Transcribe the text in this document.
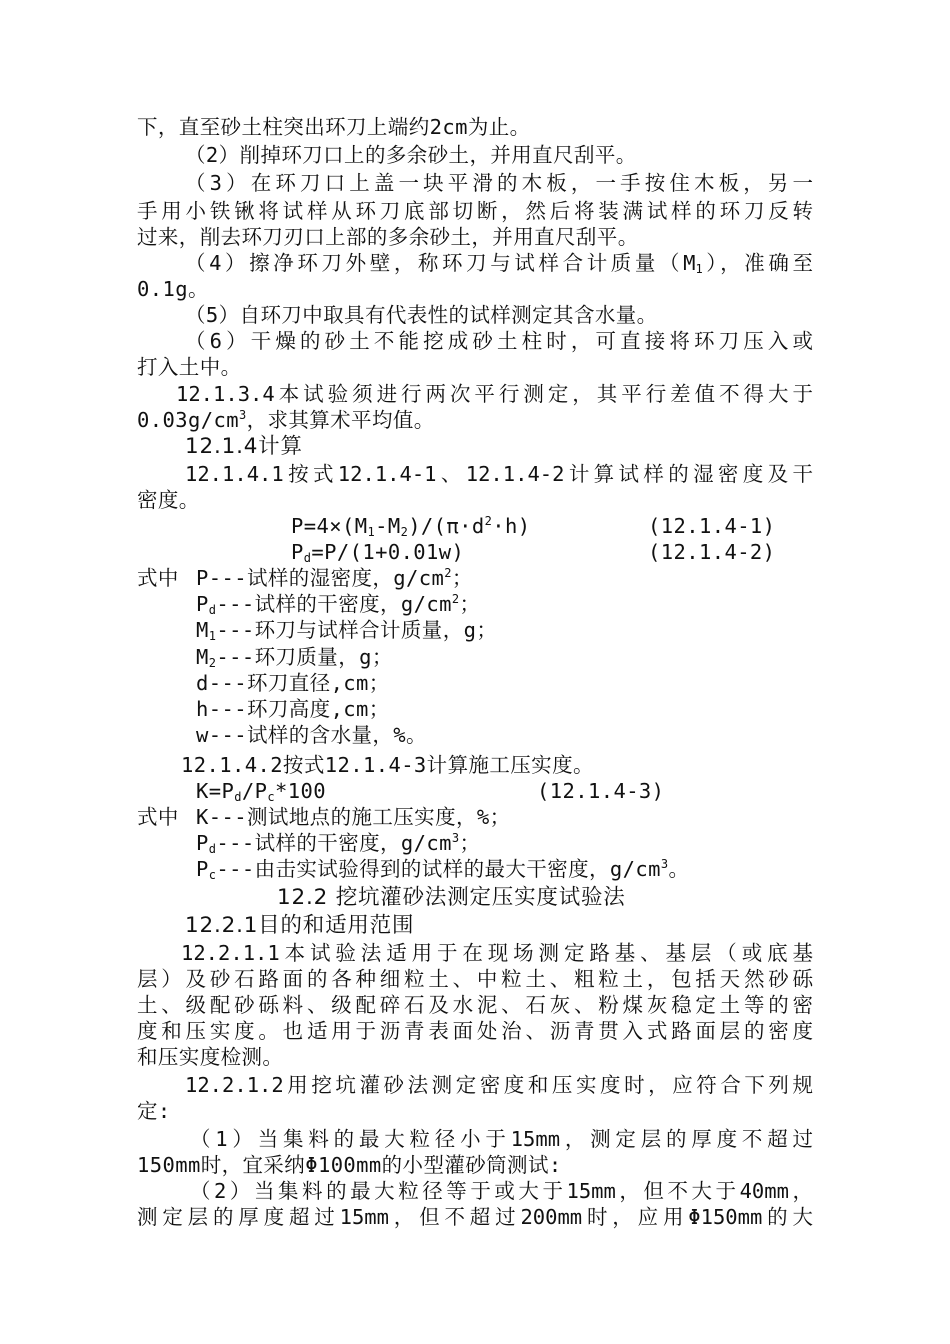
下，直至砂土柱突出环刀上端约2cm为止。
（2）削掉环刀口上的多余砂土，并用直尺刮平。
（3）在环刀口上盖一块平滑的木板，一手按住木板，另一
手用小铁锹将试样从环刀底部切断，然后将装满试样的环刀反转
过来，削去环刀刃口上部的多余砂土，并用直尺刮平。
（4）擦净环刀外壁，称环刀与试样合计质量$(M_1)$，准确至
0.1g。
（5）自环刀中取具有代表性的试样测定其含水量。
（6）干燥的砂土不能挖成砂土柱时，可直接将环刀压入或
打入土中。
12.1.3.4本试验须进行两次平行测定，其平行差值不得大于
$0.03g/cm^3$，求其算术平均值。
12.1.4计算
12.1.4.1按式12.1.4-1、12.1.4-2计算试样的湿密度及干
密度。
$P=4\times(M_1-M_2)/(\pi\cdot d^2\cdot h)$	(12.1.4-1)
$P_d=P/(1+0.01w)$	(12.1.4-2)
式中 P---试样的湿密度，$g/cm^2$；
$P_d---$试样的干密度，$g/cm^2$；
$M_1---$环刀与试样合计质量，g；
$M_2---$环刀质量，g；
d---环刀直径,cm；
h---环刀高度,cm；
w---试样的含水量，%。
12.1.4.2按式12.1.4-3计算施工压实度。
$K=P_d/P_c*100$	(12.1.4-3)
式中 K---测试地点的施工压实度，%；
$P_d---$试样的干密度，$g/cm^3$；
$P_c---$由击实试验得到的试样的最大干密度，$g/cm^3$。
12.2 挖坑灌砂法测定压实度试验法
12.2.1目的和适用范围
12.2.1.1本试验法适用于在现场测定路基、基层（或底基
层）及砂石路面的各种细粒土、中粒土、粗粒土，包括天然砂砾
土、级配砂砾料、级配碎石及水泥、石灰、粉煤灰稳定土等的密
度和压实度。也适用于沥青表面处治、沥青贯入式路面层的密度
和压实度检测。
12.2.1.2用挖坑灌砂法测定密度和压实度时，应符合下列规
定:
（1）当集料的最大粒径小于15mm，测定层的厚度不超过
150mm时，宜采纳Φ100mm的小型灌砂筒测试:
（2）当集料的最大粒径等于或大于15mm，但不大于40mm，
测定层的厚度超过15mm，但不超过200mm时，应用Φ150mm的大
